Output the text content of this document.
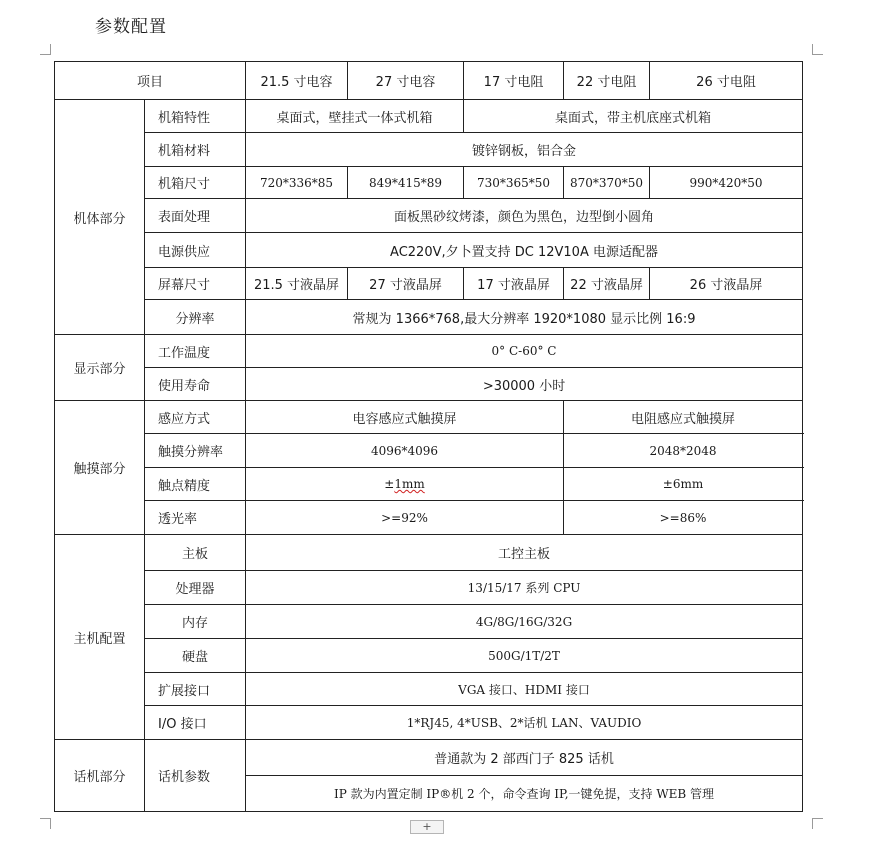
参数配置
项目		21.5 寸电容	27 寸电容	17 寸电阻	22 寸电阻	26 寸电阻
机体部分	机箱特性	桌面式，壁挂式一体式机箱		桌面式，带主机底座式机箱		
	机箱材料	镀锌钢板，铝合金				
	机箱尺寸	720*336*85	849*415*89	730*365*50	870*370*50	990*420*50
	表面处理	面板黑砂纹烤漆，颜色为黑色，边型倒小圆角				
	电源供应	AC220V,夕卜置支持 DC 12V10A 电源适配器				
	屏幕尺寸	21.5 寸液晶屏	27 寸液晶屏	17 寸液晶屏	22 寸液晶屏	26 寸液晶屏
	分辨率	常规为 1366*768,最大分辨率 1920*1080 显示比例 16:9				
显示部分	工作温度	0° C-60° C				
	使用寿命	>30000 小时				
触摸部分	感应方式	电容感应式触摸屏			电阻感应式触摸屏	
	触摸分辨率	4096*4096			2048*2048	
	触点精度	±1mm			±6mm	
	透光率	>=92%			>=86%	
主机配置	主板	工控主板				
	处理器	13/15/17 系列 CPU				
	内存	4G/8G/16G/32G				
	硬盘	500G/1T/2T				
	扩展接口	VGA 接口、HDMI 接口				
	I/O 接口	1*RJ45, 4*USB、2*话机 LAN、VAUDIO				
话机部分	话机参数	普通款为 2 部西门子 825 话机				
		IP 款为内置定制 IP®机 2 个，命令查询 IP,一键免提，支持 WEB 管理				
+
